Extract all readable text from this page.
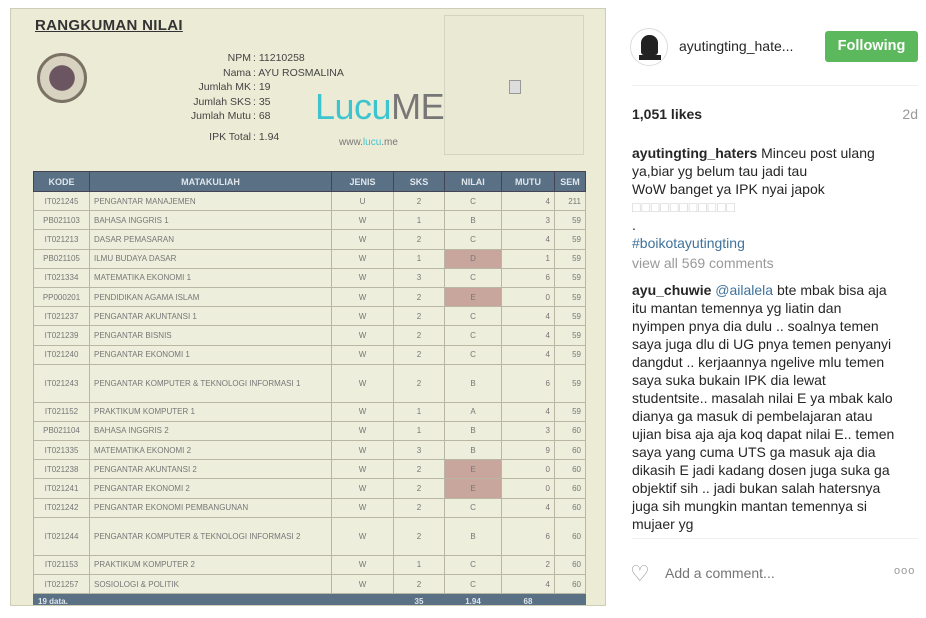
RANGKUMAN NILAI
NPM : 11210258
Nama : AYU ROSMALINA
Jumlah MK : 19
Jumlah SKS : 35
Jumlah Mutu : 68
IPK Total : 1.94
LucuME
www.lucu.me
KODE	MATAKULIAH	JENIS	SKS	NILAI	MUTU	SEM
IT021245	PENGANTAR MANAJEMEN	U	2	C	4	211
PB021103	BAHASA INGGRIS 1	W	1	B	3	59
IT021213	DASAR PEMASARAN	W	2	C	4	59
PB021105	ILMU BUDAYA DASAR	W	1	D	1	59
IT021334	MATEMATIKA EKONOMI 1	W	3	C	6	59
PP000201	PENDIDIKAN AGAMA ISLAM	W	2	E	0	59
IT021237	PENGANTAR AKUNTANSI 1	W	2	C	4	59
IT021239	PENGANTAR BISNIS	W	2	C	4	59
IT021240	PENGANTAR EKONOMI 1	W	2	C	4	59
IT021243	PENGANTAR KOMPUTER & TEKNOLOGI INFORMASI 1	W	2	B	6	59
IT021152	PRAKTIKUM KOMPUTER 1	W	1	A	4	59
PB021104	BAHASA INGGRIS 2	W	1	B	3	60
IT021335	MATEMATIKA EKONOMI 2	W	3	B	9	60
IT021238	PENGANTAR AKUNTANSI 2	W	2	E	0	60
IT021241	PENGANTAR EKONOMI 2	W	2	E	0	60
IT021242	PENGANTAR EKONOMI PEMBANGUNAN	W	2	C	4	60
IT021244	PENGANTAR KOMPUTER & TEKNOLOGI INFORMASI 2	W	2	B	6	60
IT021153	PRAKTIKUM KOMPUTER 2	W	1	C	2	60
IT021257	SOSIOLOGI & POLITIK	W	2	C	4	60
19 data.			35	1.94	68	
ayutingting_hate...	Following
1,051 likes	2d
ayutingting_haters Minceu post ulang ya,biar yg belum tau jadi tau
WoW banget ya IPK nyai japok
□□□□□□□□□□□
.
#boikotayutingting
view all 569 comments
ayu_chuwie @ailalela bte mbak bisa aja itu mantan temennya yg liatin dan nyimpen pnya dia dulu .. soalnya temen saya juga dlu di UG pnya temen penyanyi dangdut .. kerjaannya ngelive mlu temen saya suka bukain IPK dia lewat studentsite.. masalah nilai E ya mbak kalo dianya ga masuk di pembelajaran atau ujian bisa aja aja koq dapat nilai E.. temen saya yang cuma UTS ga masuk aja dia dikasih E jadi kadang dosen juga suka ga objektif sih .. jadi bukan salah hatersnya juga sih mungkin mantan temennya si mujaer yg
♡
Add a comment...	ooo
